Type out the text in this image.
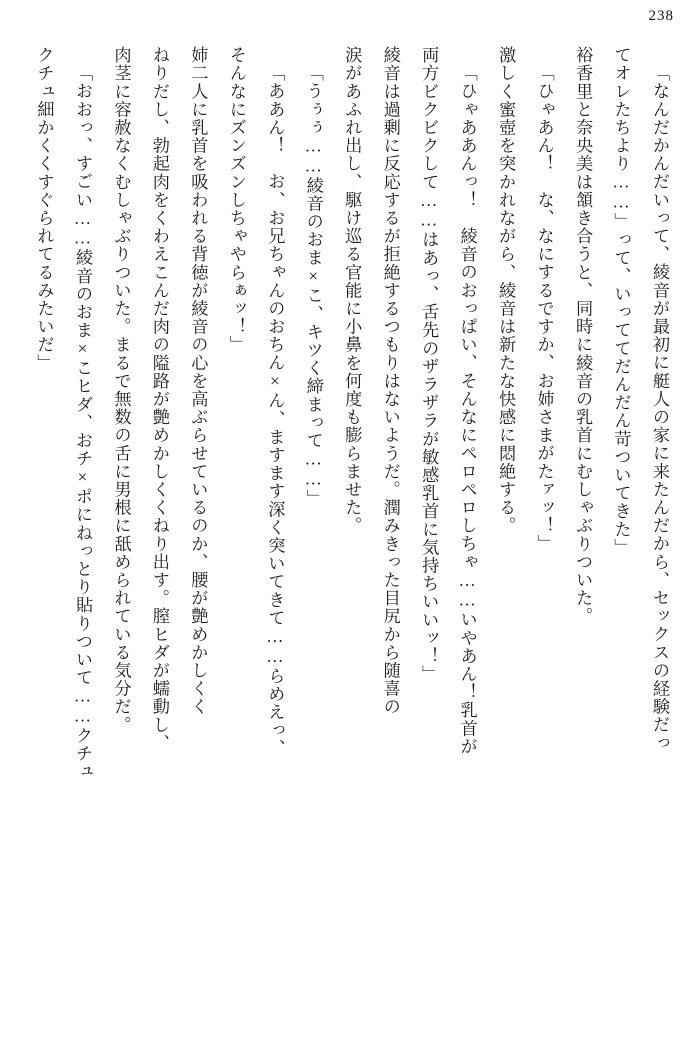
238
「なんだかんだいって、綾音が最初に艇人の家に来たんだから、セックスの経験だっ
てオレたちより……」って、いっててだんだん苛ついてきた」
裕香里と奈央美は頷き合うと、同時に綾音の乳首にむしゃぶりついた。
「ひゃあん！　な、なにするですか、お姉さまがたァッ！」
激しく蜜壺を突かれながら、綾音は新たな快感に悶絶する。
「ひゃああんっ！　綾音のおっぱい、そんなにペロペロしちゃ……いやあん！乳首が
両方ビクビクして……はあっ、舌先のザラザラが敏感乳首に気持ちいいッ！」
綾音は過剰に反応するが拒絶するつもりはないようだ。潤みきった目尻から随喜の
涙があふれ出し、駆け巡る官能に小鼻を何度も膨らませた。
「うぅぅ……綾音のおま×こ、キツく締まって……」
「ああん！　お、お兄ちゃんのおちん×ん、ますます深く突いてきて……らめえっ、
そんなにズンズンしちゃやらぁッ！」
姉二人に乳首を吸われる背徳が綾音の心を高ぶらせているのか、腰が艶めかしくく
ねりだし、勃起肉をくわえこんだ肉の隘路が艶めかしくくねり出す。膣ヒダが蠕動し、
肉茎に容赦なくむしゃぶりついた。まるで無数の舌に男根に舐められている気分だ。
「おおっ、すごい……綾音のおま×こヒダ、おチ×ポにねっとり貼りついて……クチュ
クチュ細かくくすぐられてるみたいだ」
